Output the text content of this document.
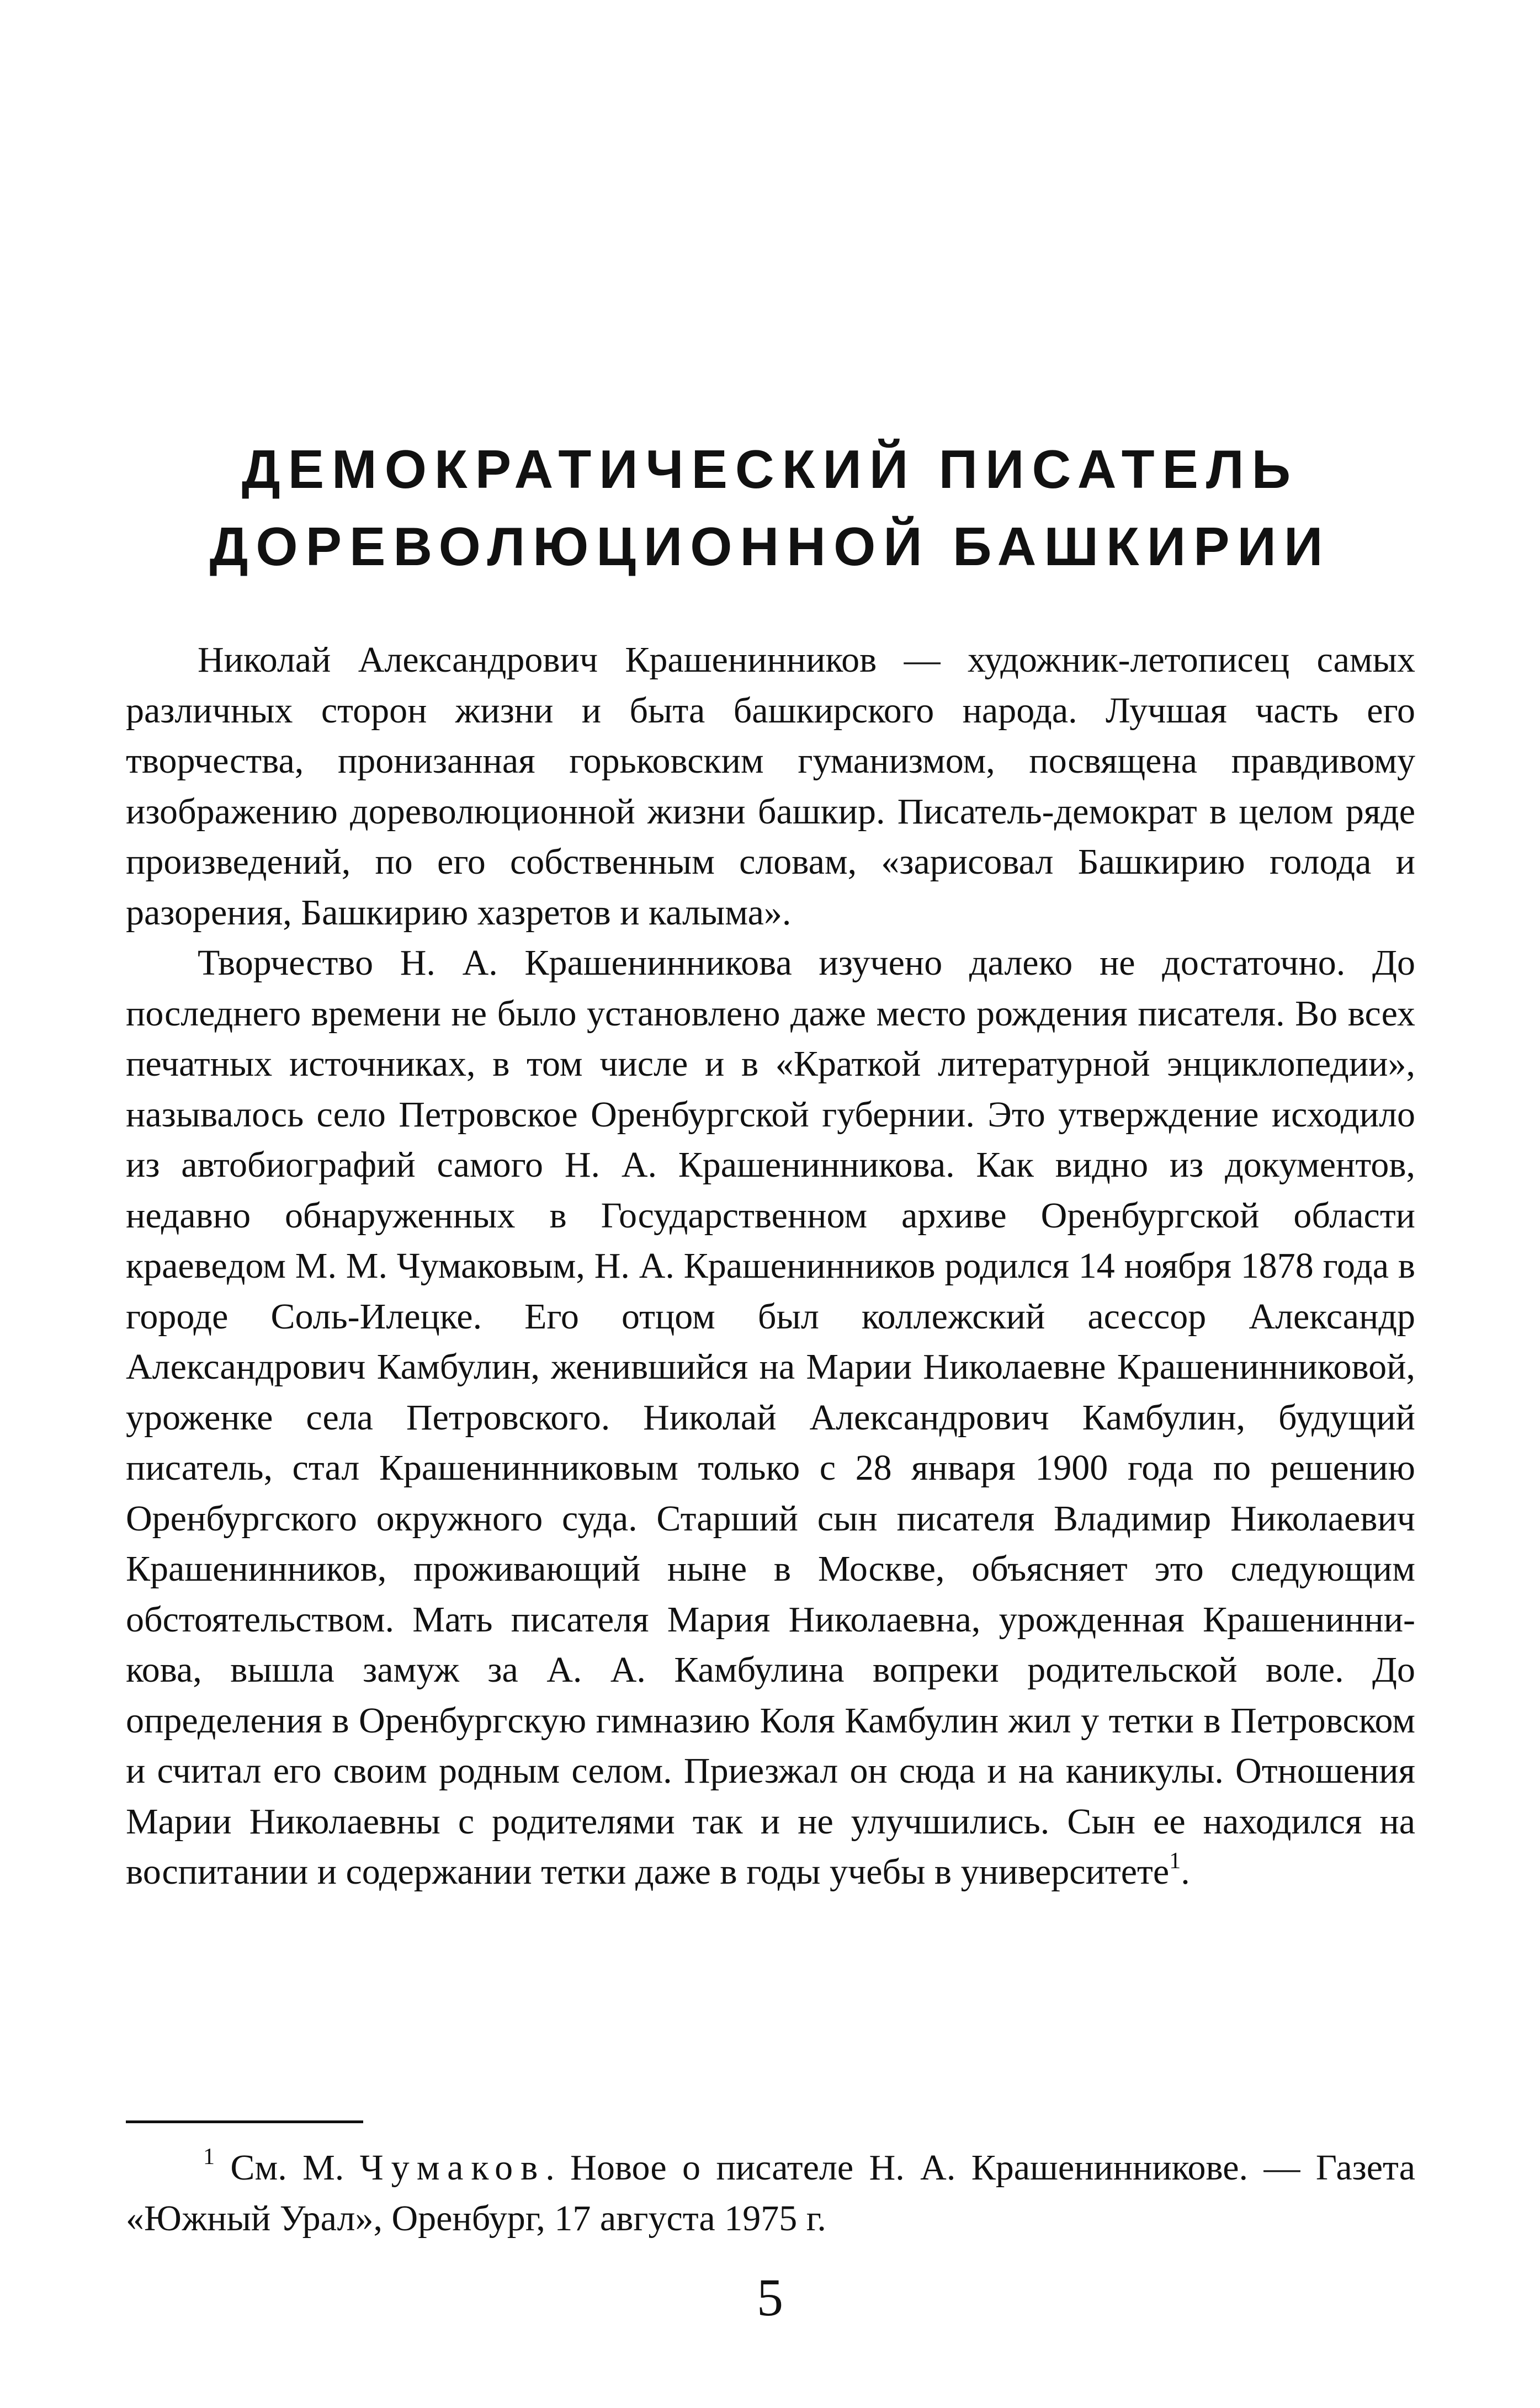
ДЕМОКРАТИЧЕСКИЙ ПИСАТЕЛЬ
ДОРЕВОЛЮЦИОННОЙ БАШКИРИИ

Николай Александрович Крашенинников — художник-летописец самых различных сторон жизни и быта башкирского народа. Лучшая часть его творчества, пронизанная горьковским гуманизмом, посвящена правдивому изображению дореволюционной жизни башкир. Писатель-демократ в целом ряде произведений, по его собственным словам, «зарисовал Башкирию голода и разорения, Башкирию хазретов и калыма».

Творчество Н. А. Крашенинникова изучено далеко не достаточно. До последнего времени не было установлено даже место рождения писателя. Во всех печатных источниках, в том числе и в «Краткой литературной энциклопедии», называлось село Петровское Оренбургской губернии. Это утверждение исходило из автобиографий самого Н. А. Крашенинникова. Как видно из документов, недавно обнаруженных в Государственном архиве Оренбургской области краеведом М. М. Чумаковым, Н. А. Крашенинников родился 14 ноября 1878 года в городе Соль-Илецке. Его отцом был коллежский асессор Александр Александрович Камбулин, женившийся на Марии Николаевне Крашенинниковой, уроженке села Петровского. Николай Александрович Камбулин, будущий писатель, стал Крашенинниковым только с 28 января 1900 года по решению Оренбургского окружного суда. Старший сын писателя Владимир Николаевич Крашенинников, проживающий ныне в Москве, объясняет это следующим обстоятельством. Мать писателя Мария Николаевна, урожденная Крашенинникова, вышла замуж за А. А. Камбулина вопреки родительской воле. До определения в Оренбургскую гимназию Коля Камбулин жил у тетки в Петровском и считал его своим родным селом. Приезжал он сюда и на каникулы. Отношения Марии Николаевны с родителями так и не улучшились. Сын ее находился на воспитании и содержании тетки даже в годы учебы в университете$^1$.

$^1$ См. М. Чумаков. Новое о писателе Н. А. Крашенинникове. — Газета «Южный Урал», Оренбург, 17 августа 1975 г.

5
